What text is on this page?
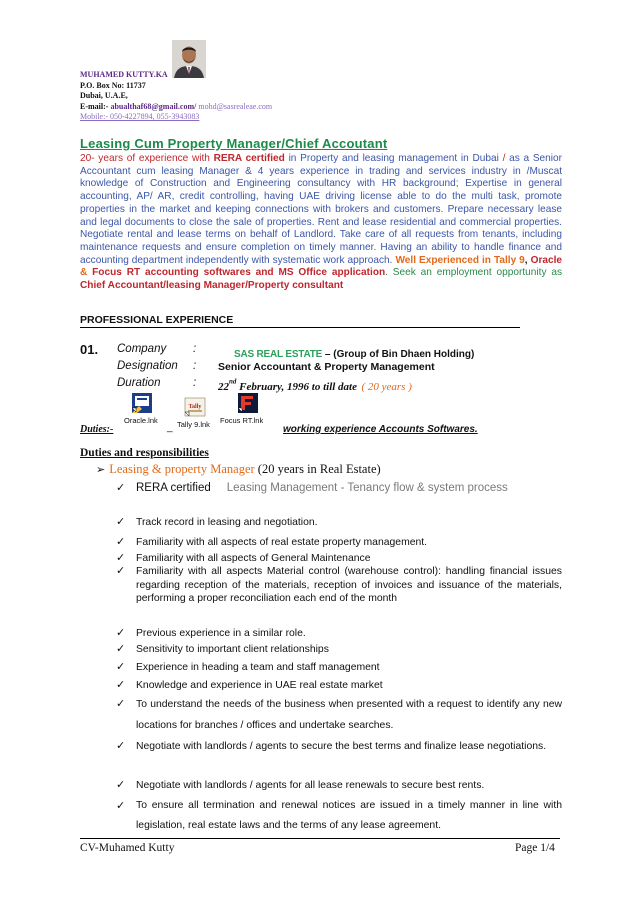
MUHAMED KUTTY.KA
P.O. Box No: 11737
Dubai, U.A.E,
E-mail:- abualthaf68@gmail.com/ mohd@sasrealeae.com
Mobile:- 050-4227894, 055-3943083
Leasing Cum Property Manager/Chief Accoutant
20- years of experience with RERA certified in Property and leasing management in Dubai / as a Senior Accountant cum leasing Manager & 4 years experience in trading and services industry in /Muscat knowledge of Construction and Engineering consultancy with HR background; Expertise in general accounting, AP/ AR, credit controlling, having UAE driving license able to do the multi task, promote properties in the market and keeping connections with brokers and customers. Prepare necessary lease and legal documents to close the sale of properties. Rent and lease residential and commercial properties. Negotiate rental and lease terms on behalf of Landlord. Take care of all requests from tenants, including maintenance requests and ensure completion on timely manner. Having an ability to handle finance and accounting department independently with systematic work approach. Well Experienced in Tally 9, Oracle & Focus RT accounting softwares and MS Office application. Seek an employment opportunity as Chief Accountant/leasing Manager/Property consultant
PROFESSIONAL EXPERIENCE
01. Company :	SAS REAL ESTATE – (Group of Bin Dhaen Holding)
Designation : Senior Accountant & Property Management
Duration	: 22nd February, 1996 to till date ( 20 years )
Oracle.lnk
Tally
Tally 9.lnk Focus RT.lnk
Duties:-	_	working experience Accounts Softwares.
Duties and responsibilities
➢ Leasing & property Manager (20 years in Real Estate)
✓ RERA certified Leasing Management - Tenancy flow & system process
✓ Track record in leasing and negotiation.
✓ Familiarity with all aspects of real estate property management.
✓ Familiarity with all aspects of General Maintenance
✓ Familiarity with all aspects Material control (warehouse control): handling financial issues regarding reception of the materials, reception of invoices and issuance of the materials, performing a proper reconciliation each end of the month
✓ Previous experience in a similar role.
✓ Sensitivity to important client relationships
✓ Experience in heading a team and staff management
✓ Knowledge and experience in UAE real estate market
✓ To understand the needs of the business when presented with a request to identify any new locations for branches / offices and undertake searches.
✓ Negotiate with landlords / agents to secure the best terms and finalize lease negotiations.
✓ Negotiate with landlords / agents for all lease renewals to secure best rents.
✓ To ensure all termination and renewal notices are issued in a timely manner in line with legislation, real estate laws and the terms of any lease agreement.
CV-Muhamed Kutty	Page 1/4
